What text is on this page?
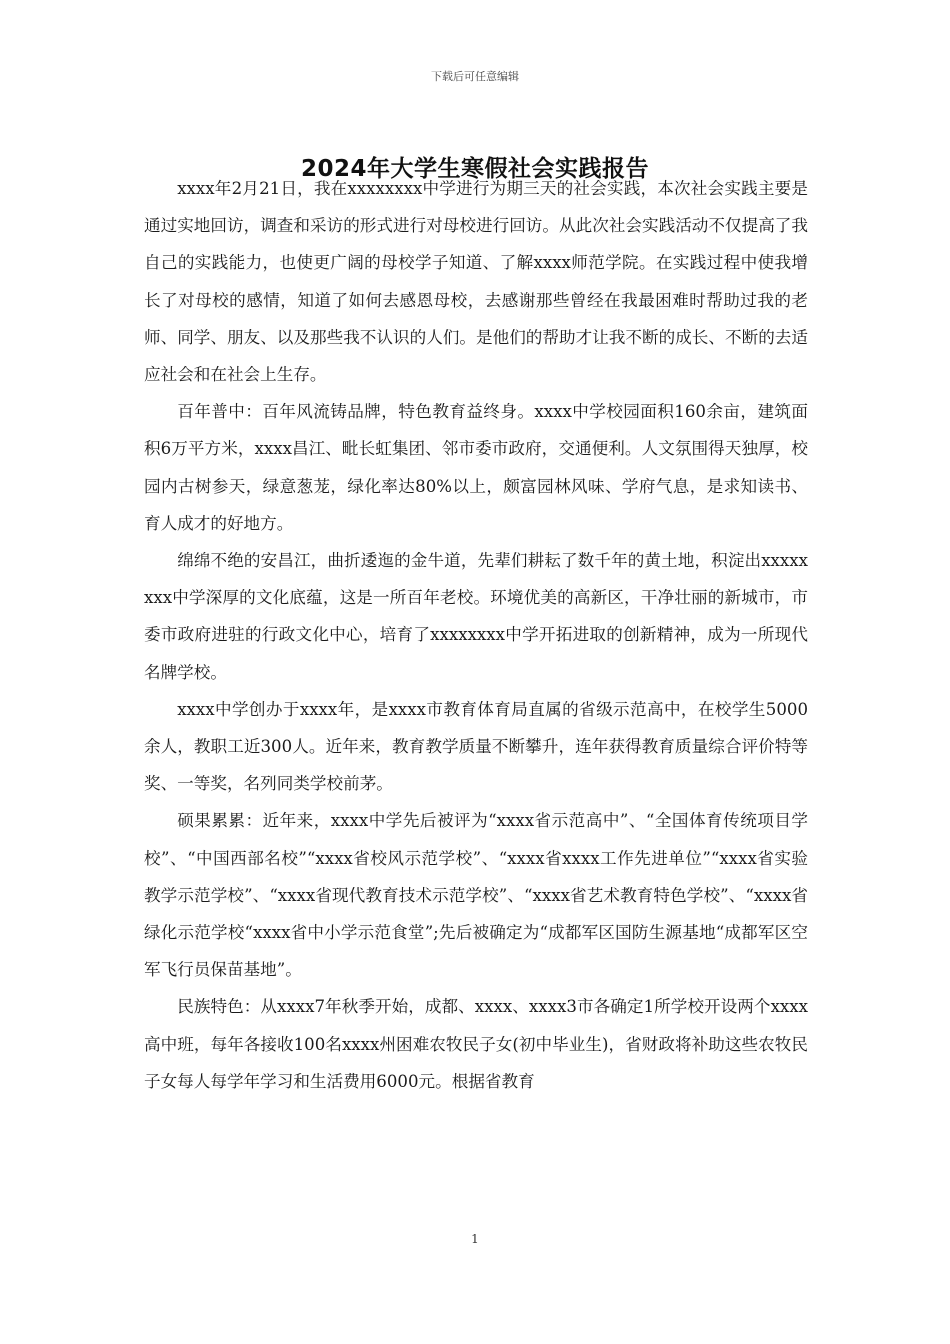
下载后可任意编辑
2024年大学生寒假社会实践报告

xxxx年2月21日，我在xxxxxxxx中学进行为期三天的社会实践，本次社会实践主要是通过实地回访，调查和采访的形式进行对母校进行回访。从此次社会实践活动不仅提高了我自己的实践能力，也使更广阔的母校学子知道、了解xxxx师范学院。在实践过程中使我增长了对母校的感情，知道了如何去感恩母校，去感谢那些曾经在我最困难时帮助过我的老师、同学、朋友、以及那些我不认识的人们。是他们的帮助才让我不断的成长、不断的去适应社会和在社会上生存。

百年普中：百年风流铸品牌，特色教育益终身。xxxx中学校园面积160余亩，建筑面积6万平方米，xxxx昌江、毗长虹集团、邻市委市政府，交通便利。人文氛围得天独厚，校园内古树参天，绿意葱茏，绿化率达80%以上，颇富园林风味、学府气息，是求知读书、育人成才的好地方。

绵绵不绝的安昌江，曲折逶迤的金牛道，先辈们耕耘了数千年的黄土地，积淀出xxxxxxxx中学深厚的文化底蕴，这是一所百年老校。环境优美的高新区，干净壮丽的新城市，市委市政府进驻的行政文化中心，培育了xxxxxxxx中学开拓进取的创新精神，成为一所现代名牌学校。

xxxx中学创办于xxxx年，是xxxx市教育体育局直属的省级示范高中，在校学生5000余人，教职工近300人。近年来，教育教学质量不断攀升，连年获得教育质量综合评价特等奖、一等奖，名列同类学校前茅。

硕果累累：近年来，xxxx中学先后被评为“xxxx省示范高中”、“全国体育传统项目学校”、“中国西部名校”“xxxx省校风示范学校”、“xxxx省xxxx工作先进单位”“xxxx省实验教学示范学校”、“xxxx省现代教育技术示范学校”、“xxxx省艺术教育特色学校”、“xxxx省绿化示范学校“xxxx省中小学示范食堂”;先后被确定为“成都军区国防生源基地“成都军区空军飞行员保苗基地”。

民族特色：从xxxx7年秋季开始，成都、xxxx、xxxx3市各确定1所学校开设两个xxxx高中班，每年各接收100名xxxx州困难农牧民子女(初中毕业生)，省财政将补助这些农牧民子女每人每学年学习和生活费用6000元。根据省教育

1
